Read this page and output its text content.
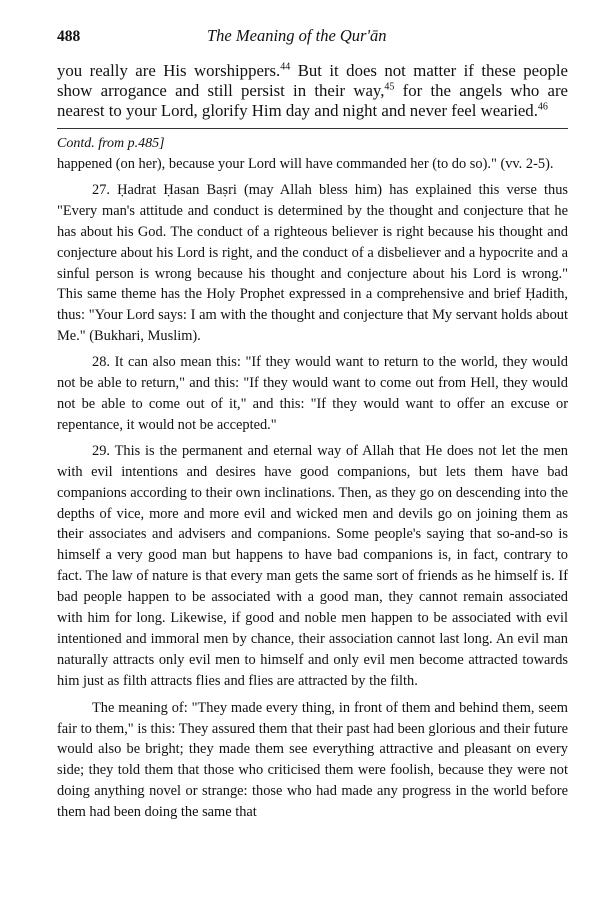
488	The Meaning of the Qur'ān

you really are His worshippers.$^{44}$ But it does not matter if these people show arrogance and still persist in their way,$^{45}$ for the angels who are nearest to your Lord, glorify Him day and night and never feel wearied.$^{46}$

Contd. from p.485]

happened (on her), because your Lord will have commanded her (to do so)." (vv. 2-5).

27. Ḥadrat Ḥasan Baṣri (may Allah bless him) has explained this verse thus "Every man's attitude and conduct is determined by the thought and conjecture that he has about his God. The conduct of a righteous believer is right because his thought and conjecture about his Lord is right, and the conduct of a disbeliever and a hypocrite and a sinful person is wrong because his thought and conjecture about his Lord is wrong." This same theme has the Holy Prophet expressed in a comprehensive and brief Ḥadith, thus: "Your Lord says: I am with the thought and conjecture that My servant holds about Me." (Bukhari, Muslim).

28. It can also mean this: "If they would want to return to the world, they would not be able to return," and this: "If they would want to come out from Hell, they would not be able to come out of it," and this: "If they would want to offer an excuse or repentance, it would not be accepted."

29. This is the permanent and eternal way of Allah that He does not let the men with evil intentions and desires have good companions, but lets them have bad companions according to their own inclinations. Then, as they go on descending into the depths of vice, more and more evil and wicked men and devils go on joining them as their associates and advisers and companions. Some people's saying that so-and-so is himself a very good man but happens to have bad companions is, in fact, contrary to fact. The law of nature is that every man gets the same sort of friends as he himself is. If bad people happen to be associated with a good man, they cannot remain associated with him for long. Likewise, if good and noble men happen to be associated with evil intentioned and immoral men by chance, their association cannot last long. An evil man naturally attracts only evil men to himself and only evil men become attracted towards him just as filth attracts flies and flies are attracted by the filth.

The meaning of: "They made every thing, in front of them and behind them, seem fair to them," is this: They assured them that their past had been glorious and their future would also be bright; they made them see everything attractive and pleasant on every side; they told them that those who criticised them were foolish, because they were not doing anything novel or strange: those who had made any progress in the world before them had been doing the same that
